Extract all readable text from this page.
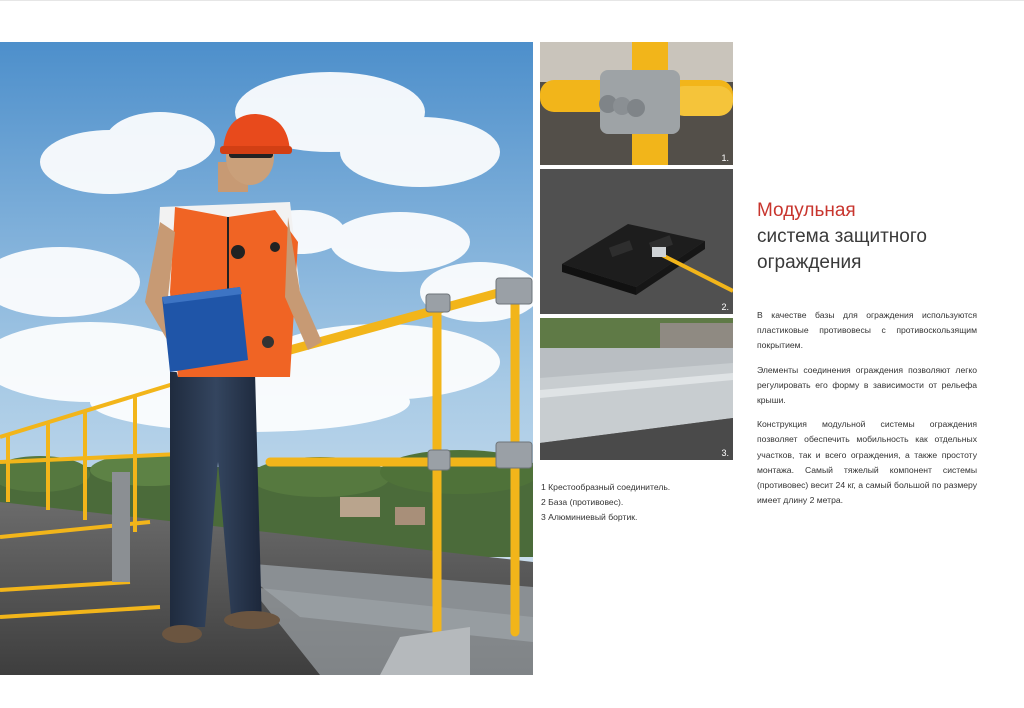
1.
2.
3.
1 Крестообразный соединитель.
2 База (противовес).
3 Алюминиевый бортик.
Модульная
система защитного
ограждения

В качестве базы для ограждения используются пластиковые противовесы с противоскользящим покрытием.

Элементы соединения ограждения позволяют легко регулировать его форму в зависимости от рельефа крыши.

Конструкция модульной системы ограждения позволяет обеспечить мобильность как отдельных участков, так и всего ограждения, а также простоту монтажа. Самый тяжелый компонент системы (противовес) весит 24 кг, а самый большой по размеру имеет длину 2 метра.
